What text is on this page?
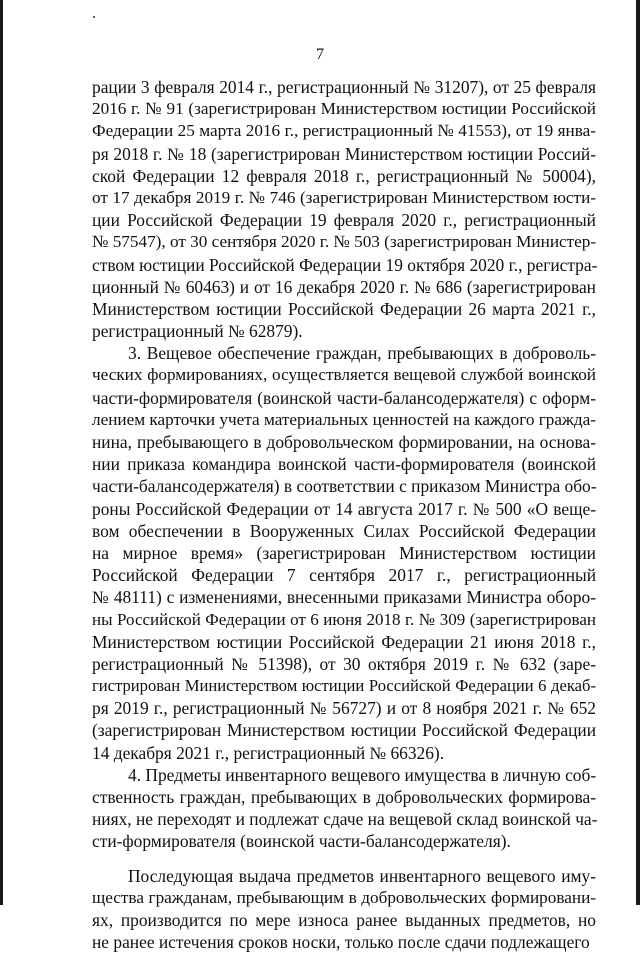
7
рации 3 февраля 2014 г., регистрационный № 31207), от 25 февраля
2016 г. № 91 (зарегистрирован Министерством юстиции Российской
Федерации 25 марта 2016 г., регистрационный № 41553), от 19 янва-
ря 2018 г. № 18 (зарегистрирован Министерством юстиции Россий-
ской Федерации 12 февраля 2018 г., регистрационный № 50004),
от 17 декабря 2019 г. № 746 (зарегистрирован Министерством юсти-
ции Российской Федерации 19 февраля 2020 г., регистрационный
№ 57547), от 30 сентября 2020 г. № 503 (зарегистрирован Министер-
ством юстиции Российской Федерации 19 октября 2020 г., регистра-
ционный № 60463) и от 16 декабря 2020 г. № 686 (зарегистрирован
Министерством юстиции Российской Федерации 26 марта 2021 г.,
регистрационный № 62879).
3. Вещевое обеспечение граждан, пребывающих в доброволь-
ческих формированиях, осуществляется вещевой службой воинской
части-формирователя (воинской части-балансодержателя) с оформ-
лением карточки учета материальных ценностей на каждого гражда-
нина, пребывающего в добровольческом формировании, на основа-
нии приказа командира воинской части-формирователя (воинской
части-балансодержателя) в соответствии с приказом Министра обо-
роны Российской Федерации от 14 августа 2017 г. № 500 «О веще-
вом обеспечении в Вооруженных Силах Российской Федерации
на мирное время» (зарегистрирован Министерством юстиции
Российской Федерации 7 сентября 2017 г., регистрационный
№ 48111) с изменениями, внесенными приказами Министра оборо-
ны Российской Федерации от 6 июня 2018 г. № 309 (зарегистрирован
Министерством юстиции Российской Федерации 21 июня 2018 г.,
регистрационный № 51398), от 30 октября 2019 г. № 632 (заре-
гистрирован Министерством юстиции Российской Федерации 6 декаб-
ря 2019 г., регистрационный № 56727) и от 8 ноября 2021 г. № 652
(зарегистрирован Министерством юстиции Российской Федерации
14 декабря 2021 г., регистрационный № 66326).
4. Предметы инвентарного вещевого имущества в личную соб-
ственность граждан, пребывающих в добровольческих формирова-
ниях, не переходят и подлежат сдаче на вещевой склад воинской ча-
сти-формирователя (воинской части-балансодержателя).
Последующая выдача предметов инвентарного вещевого иму-
щества гражданам, пребывающим в добровольческих формировани-
ях, производится по мере износа ранее выданных предметов, но
не ранее истечения сроков носки, только после сдачи подлежащего
